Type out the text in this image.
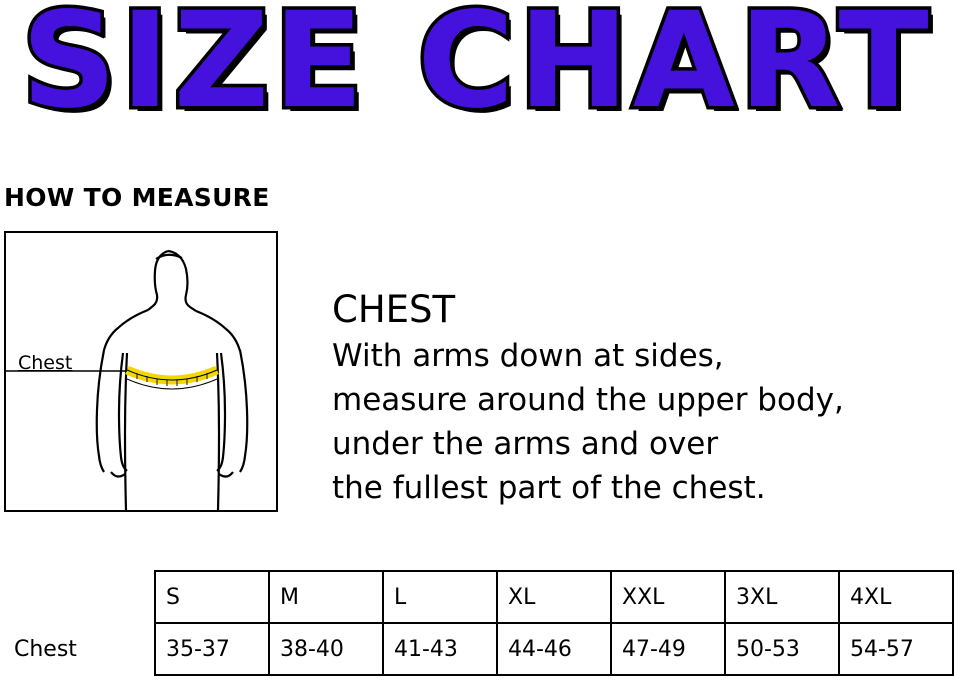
SIZE CHART
HOW TO MEASURE
Chest
CHEST
With arms down at sides,
measure around the upper body,
under the arms and over
the fullest part of the chest.
	S	M	L	XL	XXL	3XL	4XL
Chest	35-37	38-40	41-43	44-46	47-49	50-53	54-57
